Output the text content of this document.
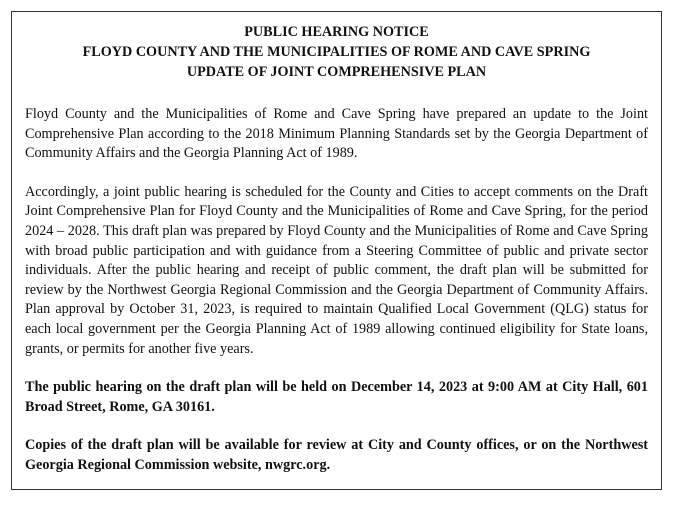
PUBLIC HEARING NOTICE

FLOYD COUNTY AND THE MUNICIPALITIES OF ROME AND CAVE SPRING

UPDATE OF JOINT COMPREHENSIVE PLAN

Floyd County and the Municipalities of Rome and Cave Spring have prepared an update to the Joint Comprehensive Plan according to the 2018 Minimum Planning Standards set by the Georgia Department of Community Affairs and the Georgia Planning Act of 1989.

Accordingly, a joint public hearing is scheduled for the County and Cities to accept comments on the Draft Joint Comprehensive Plan for Floyd County and the Municipalities of Rome and Cave Spring, for the period 2024 – 2028. This draft plan was prepared by Floyd County and the Municipalities of Rome and Cave Spring with broad public participation and with guidance from a Steering Committee of public and private sector individuals. After the public hearing and receipt of public comment, the draft plan will be submitted for review by the Northwest Georgia Regional Commission and the Georgia Department of Community Affairs. Plan approval by October 31, 2023, is required to maintain Qualified Local Government (QLG) status for each local government per the Georgia Planning Act of 1989 allowing continued eligibility for State loans, grants, or permits for another five years.

The public hearing on the draft plan will be held on December 14, 2023 at 9:00 AM at City Hall, 601 Broad Street, Rome, GA 30161.

Copies of the draft plan will be available for review at City and County offices, or on the Northwest Georgia Regional Commission website, nwgrc.org.
